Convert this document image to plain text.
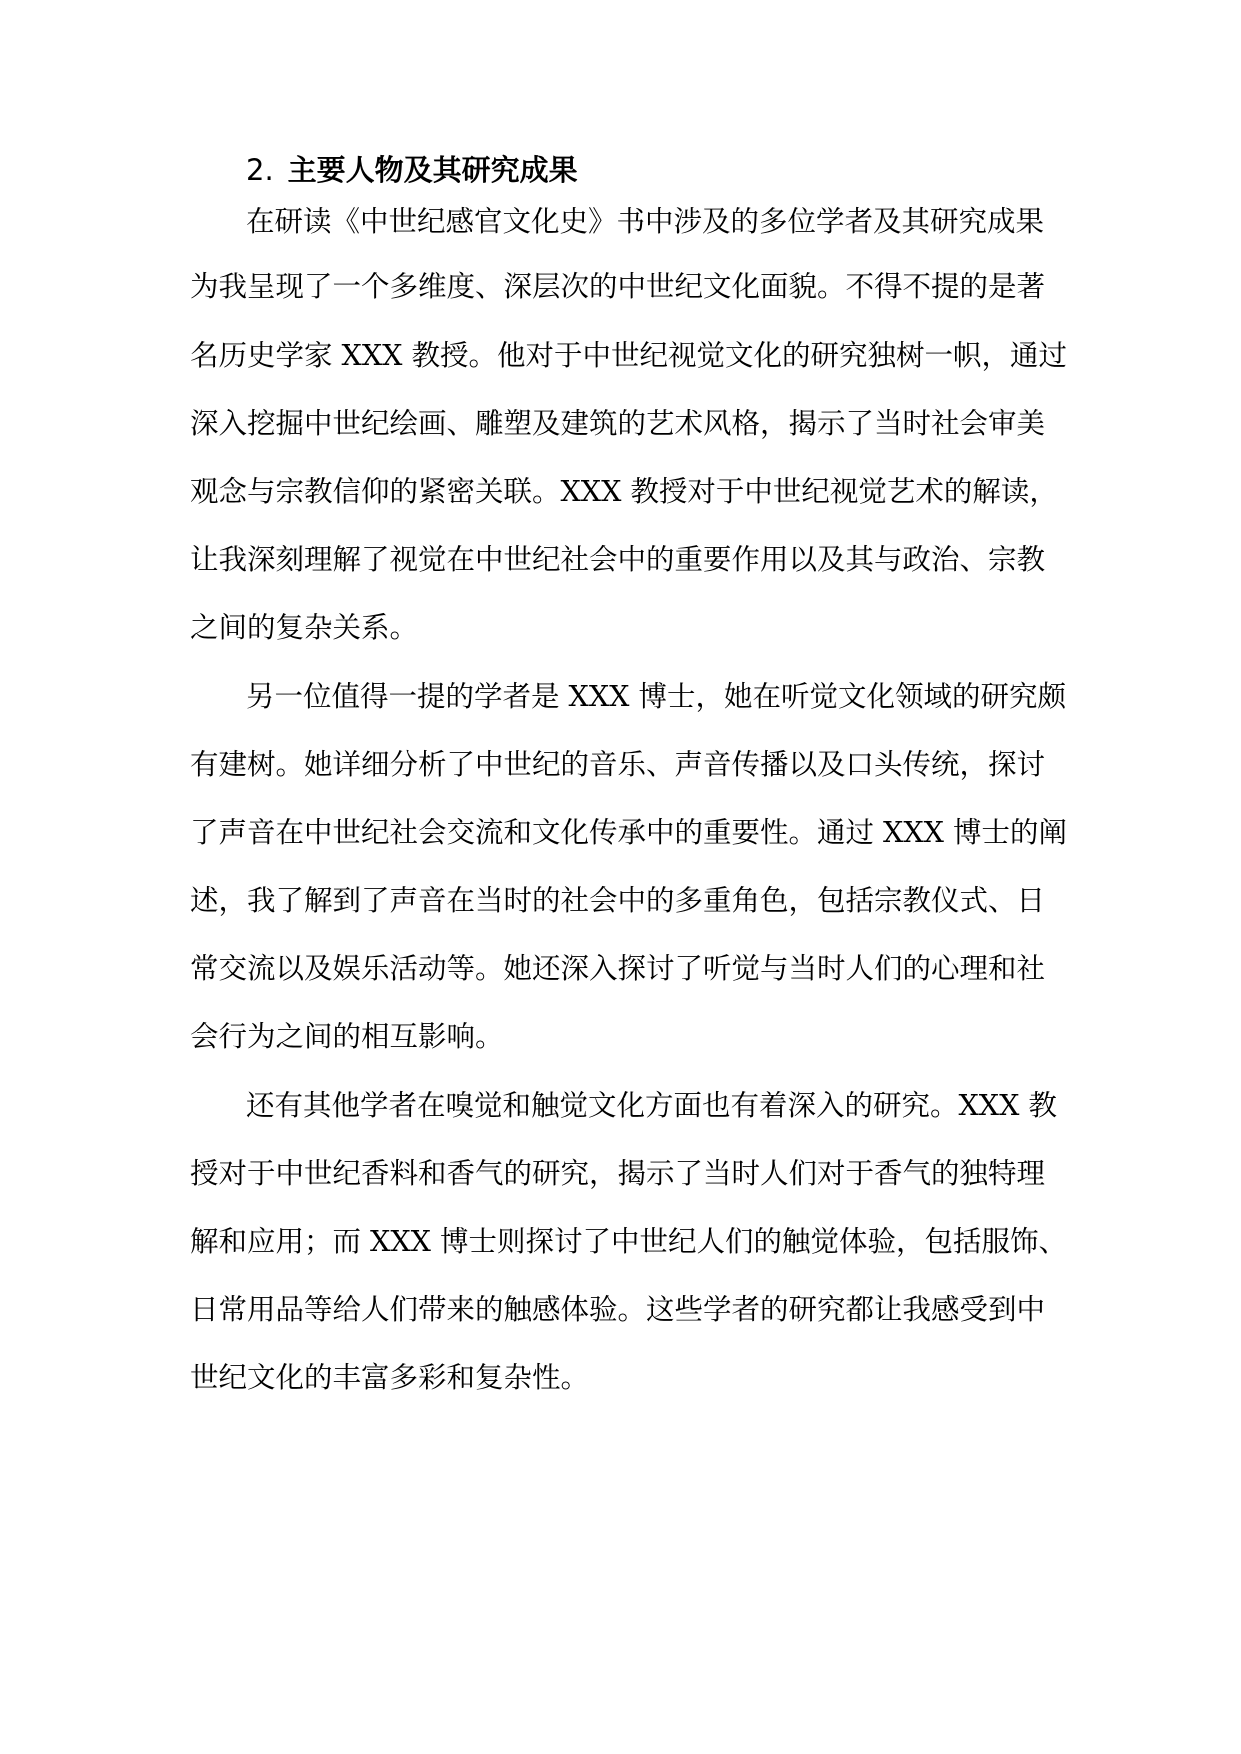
2. 主要人物及其研究成果

在研读《中世纪感官文化史》书中涉及的多位学者及其研究成果

为我呈现了一个多维度、深层次的中世纪文化面貌。不得不提的是著

名历史学家 XXX 教授。他对于中世纪视觉文化的研究独树一帜，通过

深入挖掘中世纪绘画、雕塑及建筑的艺术风格，揭示了当时社会审美

观念与宗教信仰的紧密关联。XXX 教授对于中世纪视觉艺术的解读，

让我深刻理解了视觉在中世纪社会中的重要作用以及其与政治、宗教

之间的复杂关系。

另一位值得一提的学者是 XXX 博士，她在听觉文化领域的研究颇

有建树。她详细分析了中世纪的音乐、声音传播以及口头传统，探讨

了声音在中世纪社会交流和文化传承中的重要性。通过 XXX 博士的阐

述，我了解到了声音在当时的社会中的多重角色，包括宗教仪式、日

常交流以及娱乐活动等。她还深入探讨了听觉与当时人们的心理和社

会行为之间的相互影响。

还有其他学者在嗅觉和触觉文化方面也有着深入的研究。XXX 教

授对于中世纪香料和香气的研究，揭示了当时人们对于香气的独特理

解和应用；而 XXX 博士则探讨了中世纪人们的触觉体验，包括服饰、

日常用品等给人们带来的触感体验。这些学者的研究都让我感受到中

世纪文化的丰富多彩和复杂性。
